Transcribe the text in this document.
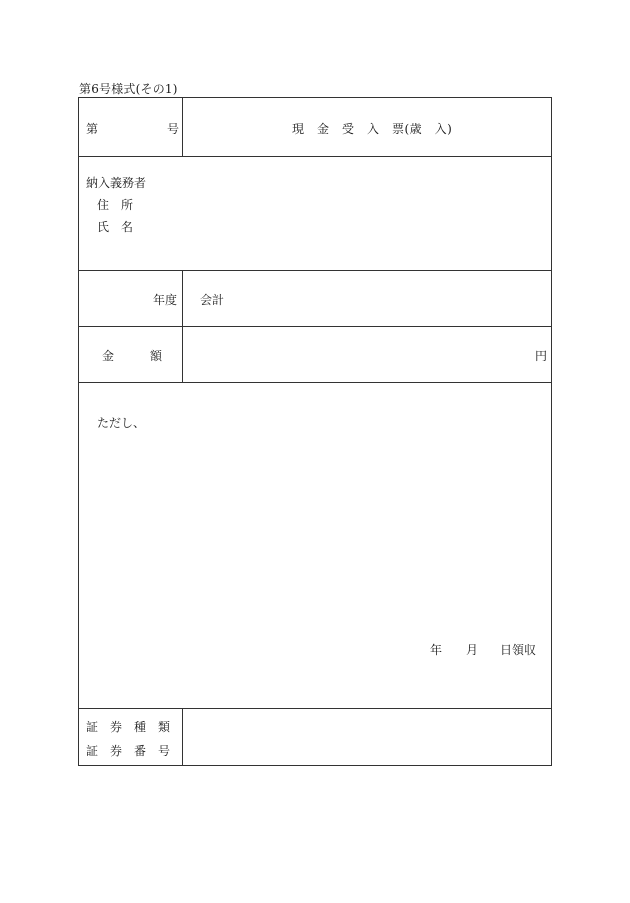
第6号様式(その1)
第	号	現　金　受　入　票(歳　入)
納入義務者
住　所
氏　名
年度 会計
金　　　額	円
ただし、
年 月 日領収
証　券　種　類
証　券　番　号
